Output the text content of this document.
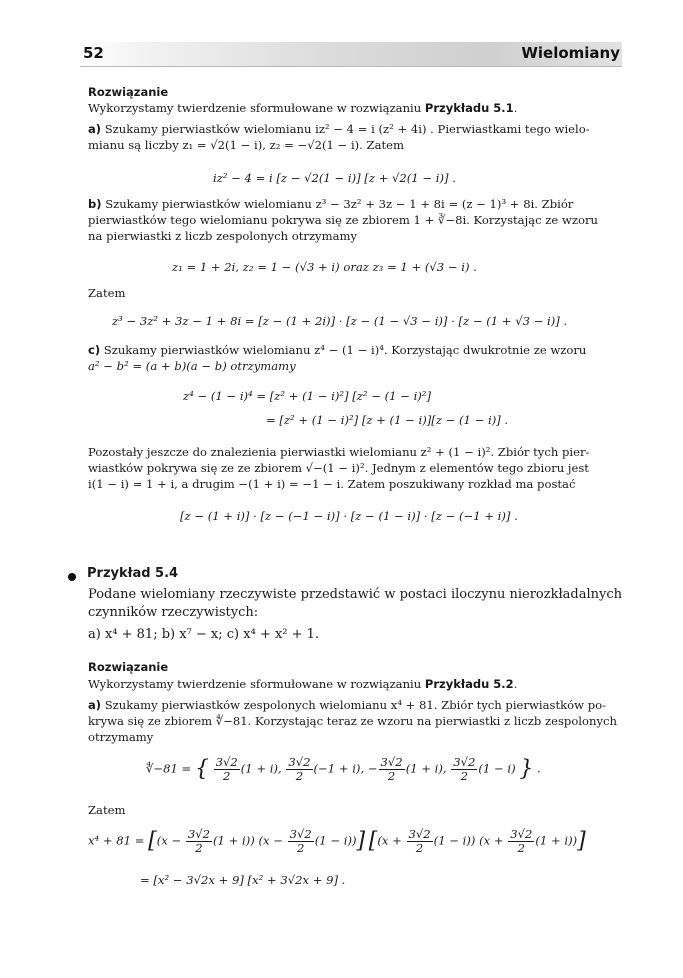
52	Wielomiany
Rozwiązanie
Wykorzystamy twierdzenie sformułowane w rozwiązaniu Przykładu 5.1.
a) Szukamy pierwiastków wielomianu iz² − 4 = i (z² + 4i) . Pierwiastkami tego wielo-
mianu są liczby z₁ = √2(1 − i), z₂ = −√2(1 − i). Zatem
iz² − 4 = i [z − √2(1 − i)] [z + √2(1 − i)] .
b) Szukamy pierwiastków wielomianu z³ − 3z² + 3z − 1 + 8i = (z − 1)³ + 8i. Zbiór
pierwiastków tego wielomianu pokrywa się ze zbiorem 1 + ∛−8i. Korzystając ze wzoru
na pierwiastki z liczb zespolonych otrzymamy
z₁ = 1 + 2i, z₂ = 1 − (√3 + i) oraz z₃ = 1 + (√3 − i) .
Zatem
z³ − 3z² + 3z − 1 + 8i = [z − (1 + 2i)] · [z − (1 − √3 − i)] · [z − (1 + √3 − i)] .
c) Szukamy pierwiastków wielomianu z⁴ − (1 − i)⁴. Korzystając dwukrotnie ze wzoru
a² − b² = (a + b)(a − b) otrzymamy
z⁴ − (1 − i)⁴ = [z² + (1 − i)²] [z² − (1 − i)²]
= [z² + (1 − i)²] [z + (1 − i)][z − (1 − i)] .
Pozostały jeszcze do znalezienia pierwiastki wielomianu z² + (1 − i)². Zbiór tych pier-
wiastków pokrywa się ze ze zbiorem √−(1 − i)². Jednym z elementów tego zbioru jest
i(1 − i) = 1 + i, a drugim −(1 + i) = −1 − i. Zatem poszukiwany rozkład ma postać
[z − (1 + i)] · [z − (−1 − i)] · [z − (1 − i)] · [z − (−1 + i)] .
Przykład 5.4
Podane wielomiany rzeczywiste przedstawić w postaci iloczynu nierozkładalnych
czynników rzeczywistych:
a) x⁴ + 81; b) x⁷ − x; c) x⁴ + x² + 1.
Rozwiązanie
Wykorzystamy twierdzenie sformułowane w rozwiązaniu Przykładu 5.2.
a) Szukamy pierwiastków zespolonych wielomianu x⁴ + 81. Zbiór tych pierwiastków po-
krywa się ze zbiorem ∜−81. Korzystając teraz ze wzoru na pierwiastki z liczb zespolonych
otrzymamy
∜−81 = { $\frac{3√2}{2} (1 + i)$, $\frac{3√2}{2} (-1 + i)$, − $\frac{3√2}{2} (1 + i)$, $\frac{3√2}{2} (1 - i)$ } .
Zatem
$x^4 + 81 = [(x - \frac{3√2}{2} (1 + i))$ $(x - \frac{3√2}{2} (1 - i))$] [$(x + \frac{3√2}{2} (1 - i))$ $(x + \frac{3√2}{2} (1 + i))$]
= [x² − 3√2x + 9] [x² + 3√2x + 9] .
